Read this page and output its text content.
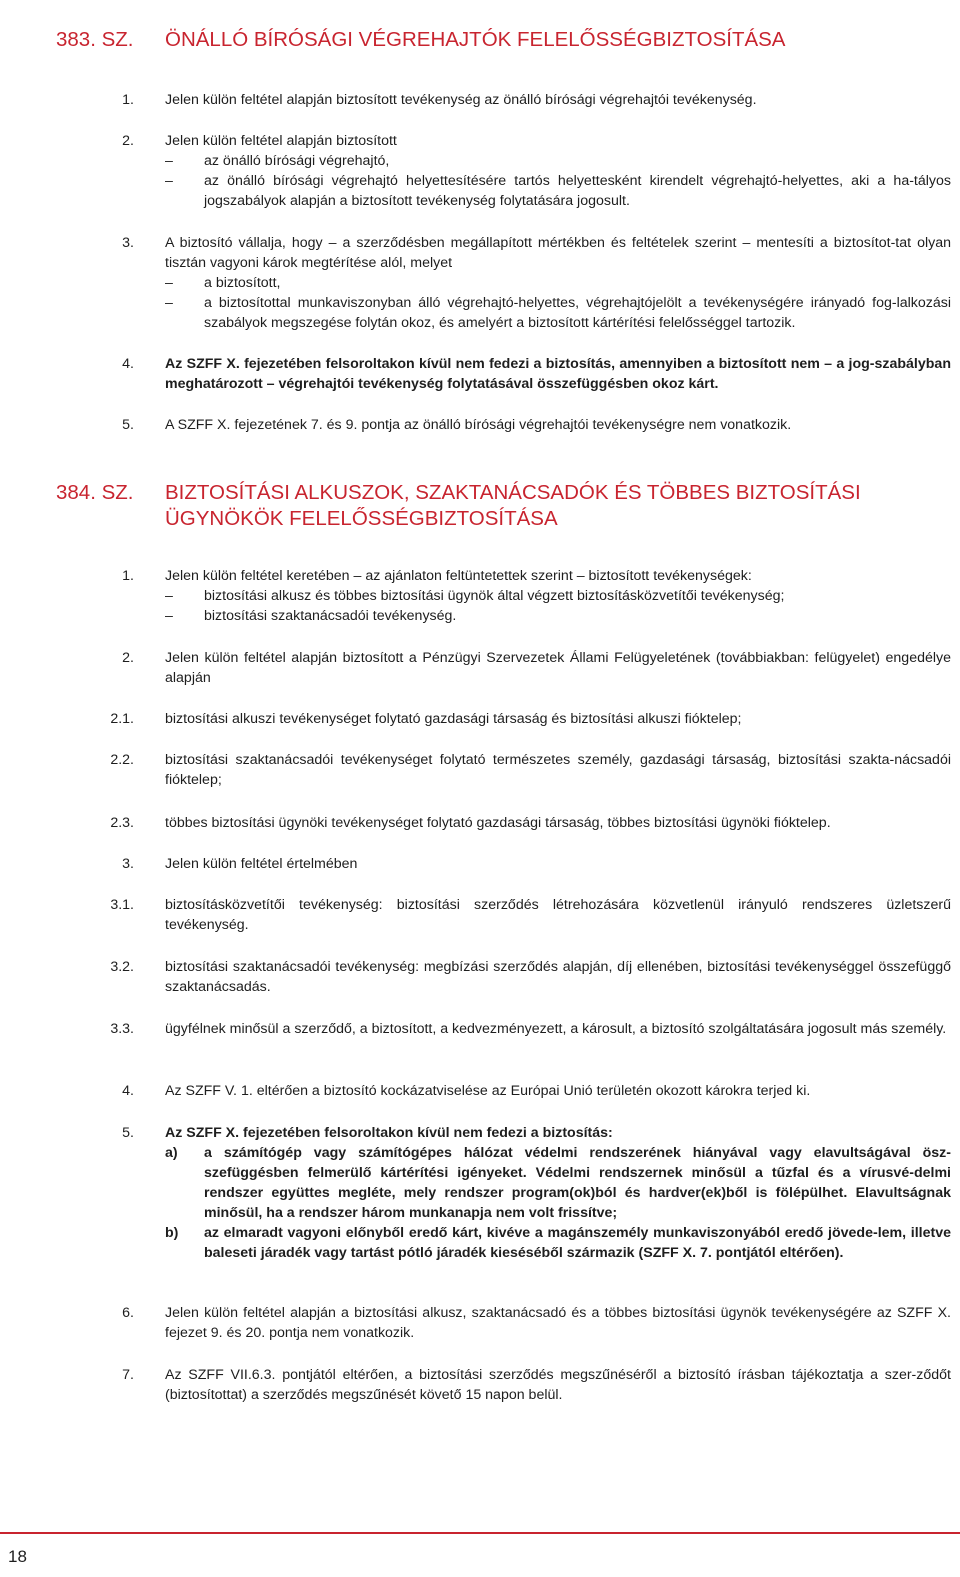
383. SZ.	ÖNÁLLÓ BÍRÓSÁGI VÉGREHAJTÓK FELELŐSSÉGBIZTOSÍTÁSA
1. Jelen külön feltétel alapján biztosított tevékenység az önálló bírósági végrehajtói tevékenység.
2. Jelen külön feltétel alapján biztosított
– az önálló bírósági végrehajtó,
– az önálló bírósági végrehajtó helyettesítésére tartós helyettesként kirendelt végrehajtó-helyettes, aki a ha-tályos jogszabályok alapján a biztosított tevékenység folytatására jogosult.
3. A biztosító vállalja, hogy – a szerződésben megállapított mértékben és feltételek szerint – mentesíti a biztosítot-tat olyan tisztán vagyoni károk megtérítése alól, melyet
– a biztosított,
– a biztosítottal munkaviszonyban álló végrehajtó-helyettes, végrehajtójelölt a tevékenységére irányadó fog-lalkozási szabályok megszegése folytán okoz, és amelyért a biztosított kártérítési felelősséggel tartozik.
4. Az SZFF X. fejezetében felsoroltakon kívül nem fedezi a biztosítás, amennyiben a biztosított nem – a jog-szabályban meghatározott – végrehajtói tevékenység folytatásával összefüggésben okoz kárt.
5. A SZFF X. fejezetének 7. és 9. pontja az önálló bírósági végrehajtói tevékenységre nem vonatkozik.
384. SZ.	BIZTOSÍTÁSI ALKUSZOK, SZAKTANÁCSADÓK ÉS TÖBBES BIZTOSÍTÁSI
ÜGYNÖKÖK FELELŐSSÉGBIZTOSÍTÁSA
1. Jelen külön feltétel keretében – az ajánlaton feltüntetettek szerint – biztosított tevékenységek:
– biztosítási alkusz és többes biztosítási ügynök által végzett biztosításközvetítői tevékenység;
– biztosítási szaktanácsadói tevékenység.
2. Jelen külön feltétel alapján biztosított a Pénzügyi Szervezetek Állami Felügyeletének (továbbiakban: felügyelet) engedélye alapján
2.1. biztosítási alkuszi tevékenységet folytató gazdasági társaság és biztosítási alkuszi fióktelep;
2.2. biztosítási szaktanácsadói tevékenységet folytató természetes személy, gazdasági társaság, biztosítási szakta-nácsadói fióktelep;
2.3. többes biztosítási ügynöki tevékenységet folytató gazdasági társaság, többes biztosítási ügynöki fióktelep.
3. Jelen külön feltétel értelmében
3.1. biztosításközvetítői tevékenység: biztosítási szerződés létrehozására közvetlenül irányuló rendszeres üzletszerű tevékenység.
3.2. biztosítási szaktanácsadói tevékenység: megbízási szerződés alapján, díj ellenében, biztosítási tevékenységgel összefüggő szaktanácsadás.
3.3. ügyfélnek minősül a szerződő, a biztosított, a kedvezményezett, a károsult, a biztosító szolgáltatására jogosult más személy.
4. Az SZFF V. 1. eltérően a biztosító kockázatviselése az Európai Unió területén okozott károkra terjed ki.
5. Az SZFF X. fejezetében felsoroltakon kívül nem fedezi a biztosítás:
a) a számítógép vagy számítógépes hálózat védelmi rendszerének hiányával vagy elavultságával ösz-szefüggésben felmerülő kártérítési igényeket. Védelmi rendszernek minősül a tűzfal és a vírusvé-delmi rendszer együttes megléte, mely rendszer program(ok)ból és hardver(ek)ből is fölépülhet. Elavultságnak minősül, ha a rendszer három munkanapja nem volt frissítve;
b) az elmaradt vagyoni előnyből eredő kárt, kivéve a magánszemély munkaviszonyából eredő jövede-lem, illetve baleseti járadék vagy tartást pótló járadék kieséséből származik (SZFF X. 7. pontjától eltérően).
6. Jelen külön feltétel alapján a biztosítási alkusz, szaktanácsadó és a többes biztosítási ügynök tevékenységére az SZFF X. fejezet 9. és 20. pontja nem vonatkozik.
7. Az SZFF VII.6.3. pontjától eltérően, a biztosítási szerződés megszűnéséről a biztosító írásban tájékoztatja a szer-ződőt (biztosítottat) a szerződés megszűnését követő 15 napon belül.
18
